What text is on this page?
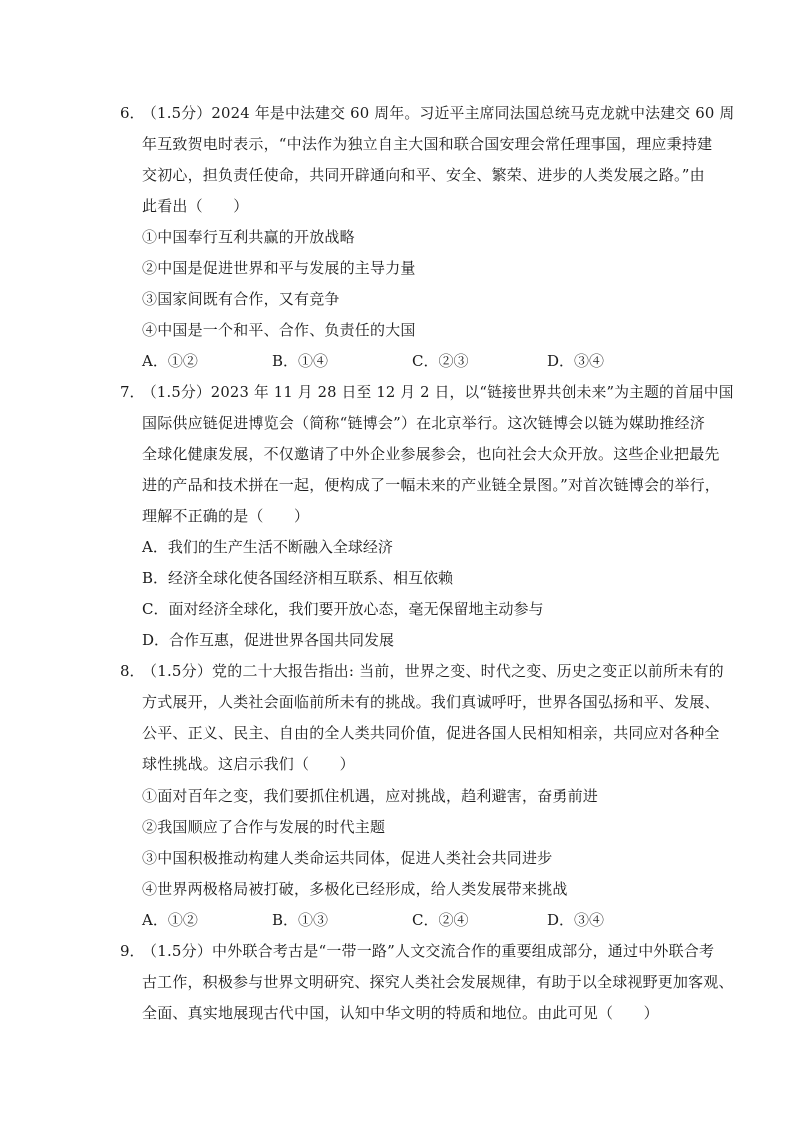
6．
（1.5分）2024 年是中法建交 60 周年。习近平主席同法国总统马克龙就中法建交 60 周
年互致贺电时表示，“中法作为独立自主大国和联合国安理会常任理事国，理应秉持建
交初心，担负责任使命，共同开辟通向和平、安全、繁荣、进步的人类发展之路。”由
此看出（　　）
①中国奉行互利共赢的开放战略
②中国是促进世界和平与发展的主导力量
③国家间既有合作，又有竞争
④中国是一个和平、合作、负责任的大国
A．①②	B．①④	C．②③	D．③④
7．
（1.5分）2023 年 11 月 28 日至 12 月 2 日，以“链接世界共创未来”为主题的首届中国
国际供应链促进博览会（简称“链博会”）在北京举行。这次链博会以链为媒助推经济
全球化健康发展，不仅邀请了中外企业参展参会，也向社会大众开放。这些企业把最先
进的产品和技术拼在一起，便构成了一幅未来的产业链全景图。”对首次链博会的举行，
理解不正确的是（　　）
A．我们的生产生活不断融入全球经济
B．经济全球化使各国经济相互联系、相互依赖
C．面对经济全球化，我们要开放心态，毫无保留地主动参与
D．合作互惠，促进世界各国共同发展
8．
（1.5分）党的二十大报告指出: 当前，世界之变、时代之变、历史之变正以前所未有的
方式展开，人类社会面临前所未有的挑战。我们真诚呼吁，世界各国弘扬和平、发展、
公平、正义、民主、自由的全人类共同价值，促进各国人民相知相亲，共同应对各种全
球性挑战。这启示我们（　　）
①面对百年之变，我们要抓住机遇，应对挑战，趋利避害，奋勇前进
②我国顺应了合作与发展的时代主题
③中国积极推动构建人类命运共同体，促进人类社会共同进步
④世界两极格局被打破，多极化已经形成，给人类发展带来挑战
A．①②	B．①③	C．②④	D．③④
9．
（1.5分）中外联合考古是“一带一路”人文交流合作的重要组成部分，通过中外联合考
古工作，积极参与世界文明研究、探究人类社会发展规律，有助于以全球视野更加客观、
全面、真实地展现古代中国，认知中华文明的特质和地位。由此可见（　　）
